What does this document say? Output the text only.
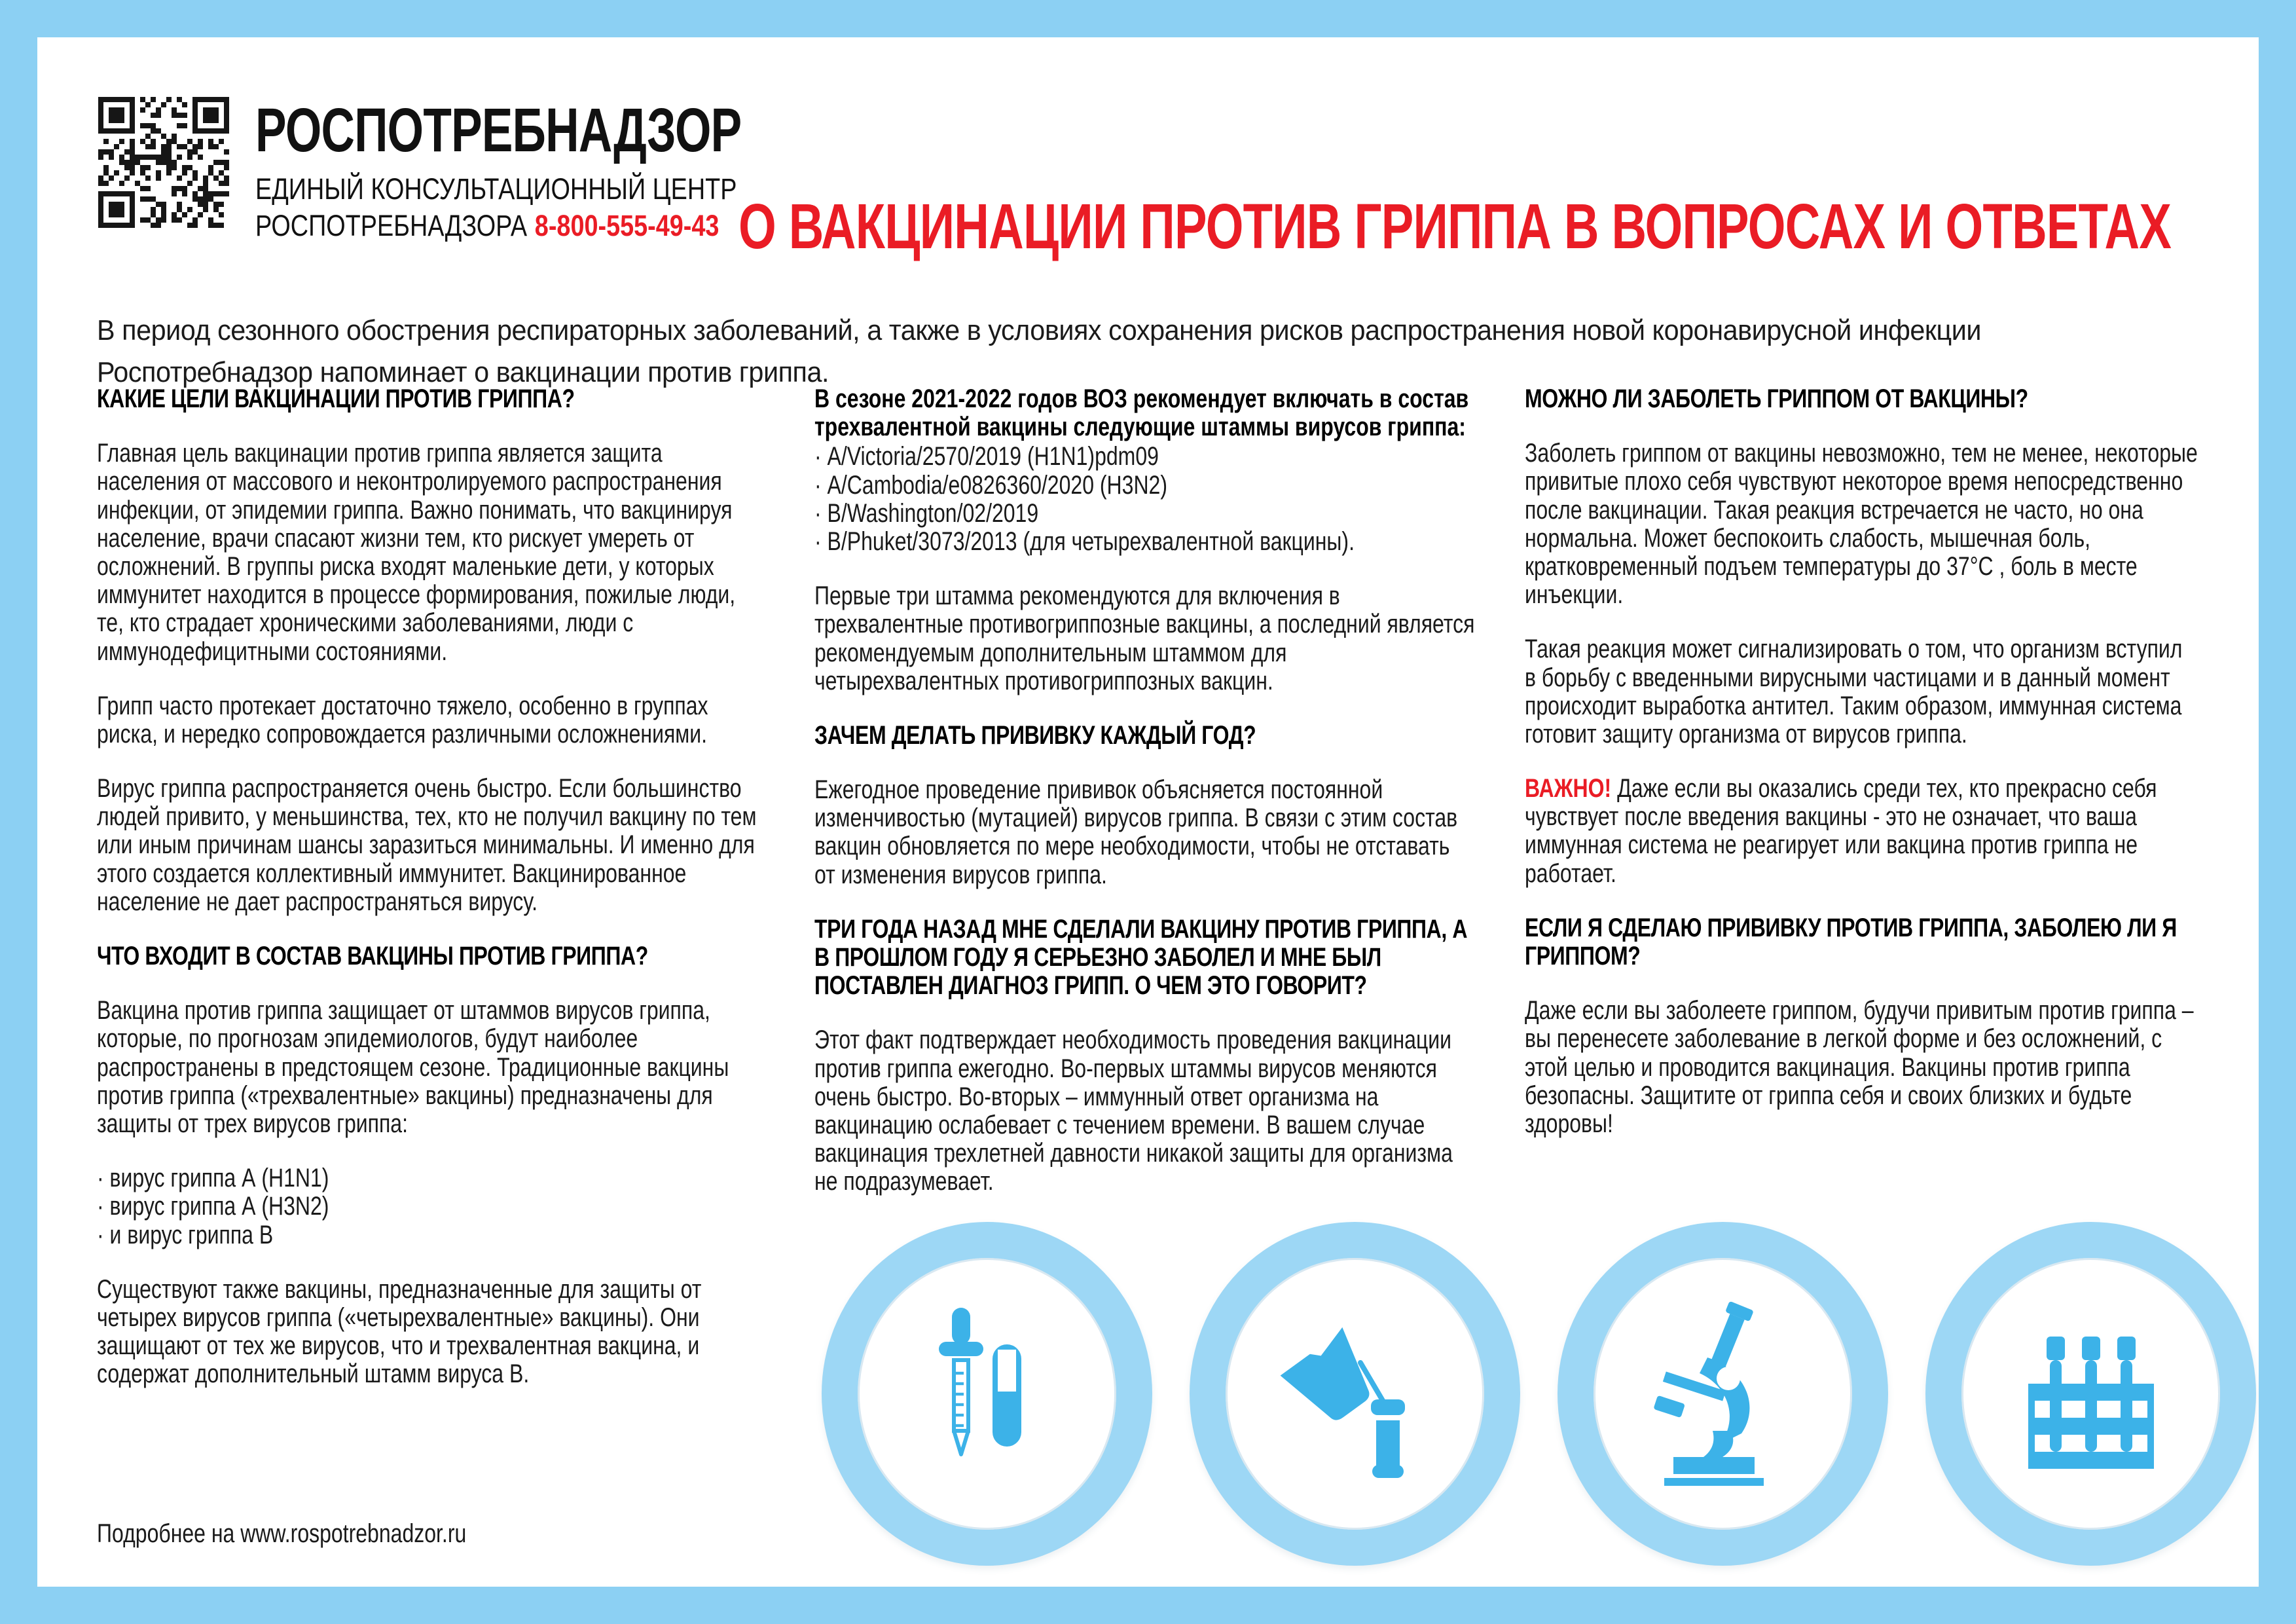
РОСПОТРЕБНАДЗОР
ЕДИНЫЙ КОНСУЛЬТАЦИОННЫЙ ЦЕНТР
РОСПОТРЕБНАДЗОРА 8-800-555-49-43 О ВАКЦИНАЦИИ ПРОТИВ ГРИППА В ВОПРОСАХ И ОТВЕТАХ

В период сезонного обострения респираторных заболеваний, а также в условиях сохранения рисков распространения новой коронавирусной инфекции Роспотребнадзор напоминает о вакцинации против гриппа.

КАКИЕ ЦЕЛИ ВАКЦИНАЦИИ ПРОТИВ ГРИППА?

Главная цель вакцинации против гриппа является защита населения от массового и неконтролируемого распространения инфекции, от эпидемии гриппа. Важно понимать, что вакцинируя население, врачи спасают жизни тем, кто рискует умереть от осложнений. В группы риска входят маленькие дети, у которых иммунитет находится в процессе формирования, пожилые люди, те, кто страдает хроническими заболеваниями, люди с иммунодефицитными состояниями.

Грипп часто протекает достаточно тяжело, особенно в группах риска, и нередко сопровождается различными осложнениями.

Вирус гриппа распространяется очень быстро. Если большинство людей привито, у меньшинства, тех, кто не получил вакцину по тем или иным причинам шансы заразиться минимальны. И именно для этого создается коллективный иммунитет. Вакцинированное население не дает распространяться вирусу.

ЧТО ВХОДИТ В СОСТАВ ВАКЦИНЫ ПРОТИВ ГРИППА?

Вакцина против гриппа защищает от штаммов вирусов гриппа, которые, по прогнозам эпидемиологов, будут наиболее распространены в предстоящем сезоне. Традиционные вакцины против гриппа («трехвалентные» вакцины) предназначены для защиты от трех вирусов гриппа:

· вирус гриппа А (H1N1)
· вирус гриппа А (H3N2)
· и вирус гриппа В

Существуют также вакцины, предназначенные для защиты от четырех вирусов гриппа («четырехвалентные» вакцины). Они защищают от тех же вирусов, что и трехвалентная вакцина, и содержат дополнительный штамм вируса В.

В сезоне 2021-2022 годов ВОЗ рекомендует включать в состав трехвалентной вакцины следующие штаммы вирусов гриппа:

· A/Victoria/2570/2019 (H1N1)pdm09
· A/Cambodia/e0826360/2020 (H3N2)
· B/Washington/02/2019
· B/Phuket/3073/2013 (для четырехвалентной вакцины).

Первые три штамма рекомендуются для включения в трехвалентные противогриппозные вакцины, а последний является рекомендуемым дополнительным штаммом для четырехвалентных противогриппозных вакцин.

ЗАЧЕМ ДЕЛАТЬ ПРИВИВКУ КАЖДЫЙ ГОД?

Ежегодное проведение прививок объясняется постоянной изменчивостью (мутацией) вирусов гриппа. В связи с этим состав вакцин обновляется по мере необходимости, чтобы не отставать от изменения вирусов гриппа.

ТРИ ГОДА НАЗАД МНЕ СДЕЛАЛИ ВАКЦИНУ ПРОТИВ ГРИППА, А В ПРОШЛОМ ГОДУ Я СЕРЬЕЗНО ЗАБОЛЕЛ И МНЕ БЫЛ ПОСТАВЛЕН ДИАГНОЗ ГРИПП. О ЧЕМ ЭТО ГОВОРИТ?

Этот факт подтверждает необходимость проведения вакцинации против гриппа ежегодно. Во-первых штаммы вирусов меняются очень быстро. Во-вторых – иммунный ответ организма на вакцинацию ослабевает с течением времени. В вашем случае вакцинация трехлетней давности никакой защиты для организма не подразумевает.

МОЖНО ЛИ ЗАБОЛЕТЬ ГРИППОМ ОТ ВАКЦИНЫ?

Заболеть гриппом от вакцины невозможно, тем не менее, некоторые привитые плохо себя чувствуют некоторое время непосредственно после вакцинации. Такая реакция встречается не часто, но она нормальна. Может беспокоить слабость, мышечная боль, кратковременный подъем температуры до 37°C , боль в месте инъекции.

Такая реакция может сигнализировать о том, что организм вступил в борьбу с введенными вирусными частицами и в данный момент происходит выработка антител. Таким образом, иммунная система готовит защиту организма от вирусов гриппа.

ВАЖНО! Даже если вы оказались среди тех, кто прекрасно себя чувствует после введения вакцины - это не означает, что ваша иммунная система не реагирует или вакцина против гриппа не работает.

ЕСЛИ Я СДЕЛАЮ ПРИВИВКУ ПРОТИВ ГРИППА, ЗАБОЛЕЮ ЛИ Я ГРИППОМ?

Даже если вы заболеете гриппом, будучи привитым против гриппа – вы перенесете заболевание в легкой форме и без осложнений, с этой целью и проводится вакцинация. Вакцины против гриппа безопасны. Защитите от гриппа себя и своих близких и будьте здоровы!

Подробнее на www.rospotrebnadzor.ru
